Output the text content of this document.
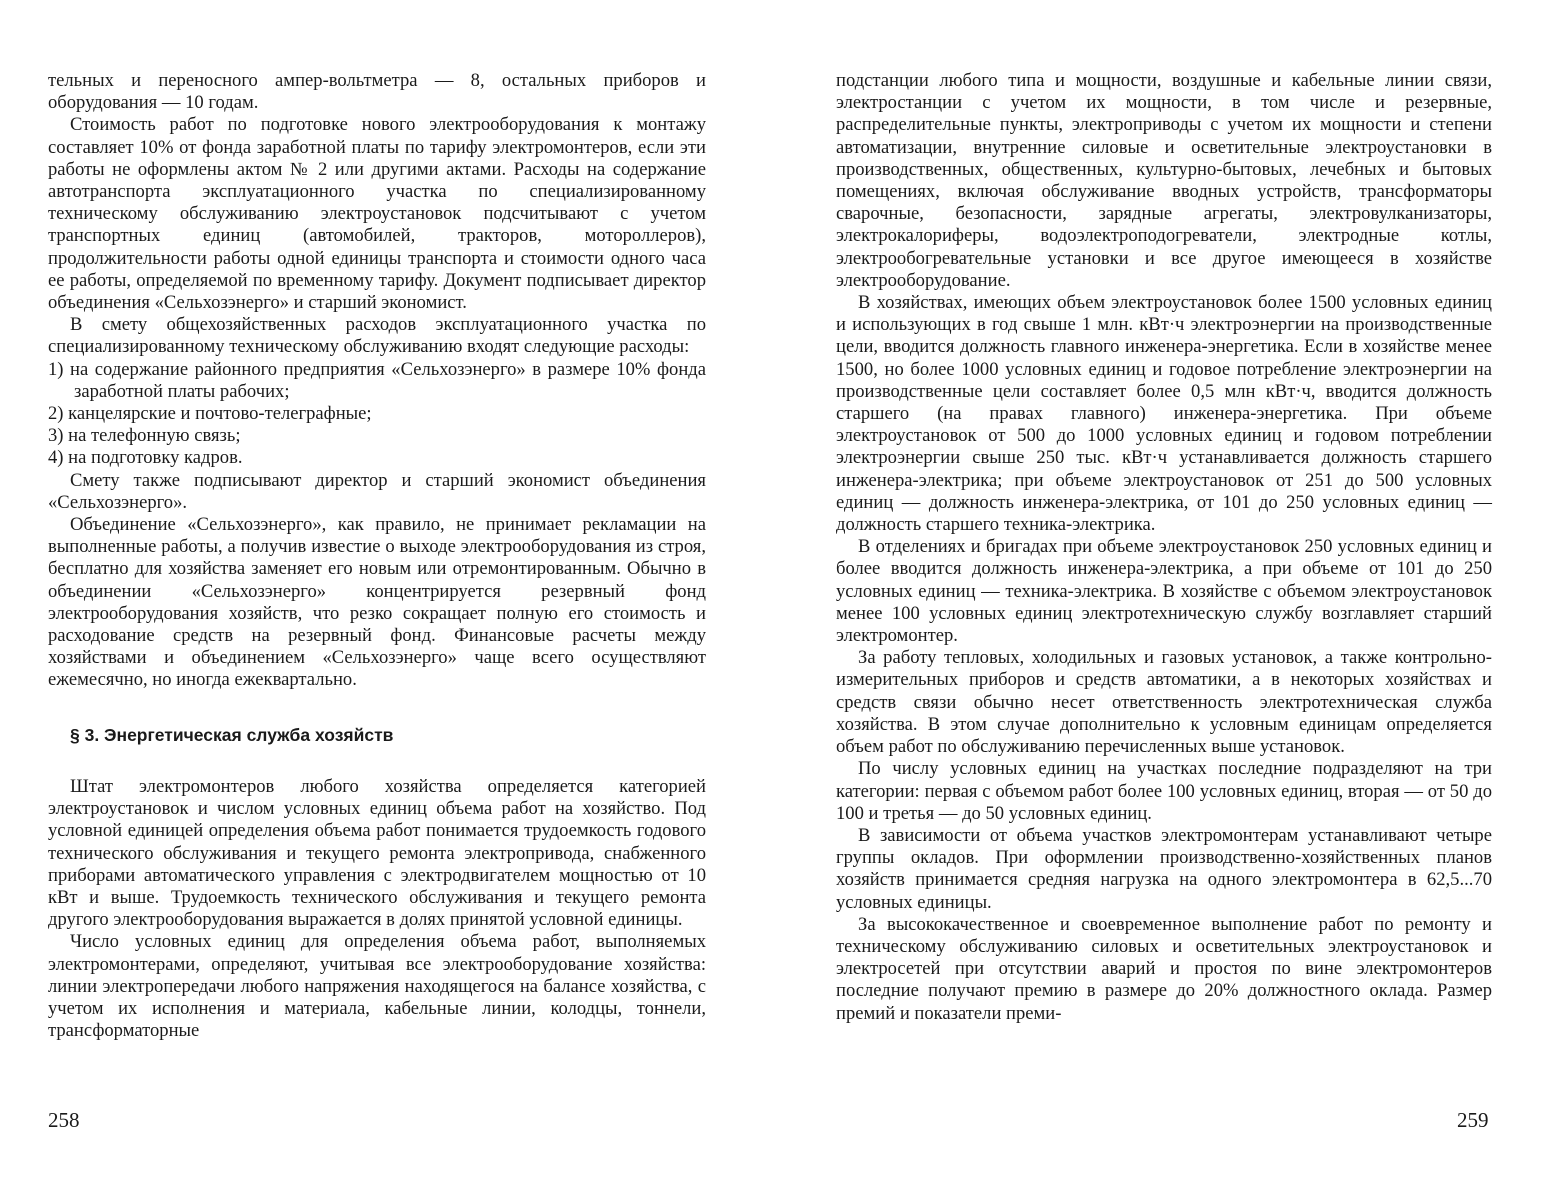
тельных и переносного ампер-вольтметра — 8, остальных приборов и оборудования — 10 годам.

Стоимость работ по подготовке нового электрооборудования к монтажу составляет 10% от фонда заработной платы по тарифу электромонтеров, если эти работы не оформлены актом № 2 или другими актами. Расходы на содержание автотранспорта эксплуатационного участка по специализированному техническому обслуживанию электроустановок подсчитывают с учетом транспортных единиц (автомобилей, тракторов, мотороллеров), продолжительности работы одной единицы транспорта и стоимости одного часа ее работы, определяемой по временному тарифу. Документ подписывает директор объединения «Сельхозэнерго» и старший экономист.

В смету общехозяйственных расходов эксплуатационного участка по специализированному техническому обслуживанию входят следующие расходы:

1) на содержание районного предприятия «Сельхозэнерго» в размере 10% фонда заработной платы рабочих;
2) канцелярские и почтово-телеграфные;
3) на телефонную связь;
4) на подготовку кадров.

Смету также подписывают директор и старший экономист объединения «Сельхозэнерго».

Объединение «Сельхозэнерго», как правило, не принимает рекламации на выполненные работы, а получив известие о выходе электрооборудования из строя, бесплатно для хозяйства заменяет его новым или отремонтированным. Обычно в объединении «Сельхозэнерго» концентрируется резервный фонд электрооборудования хозяйств, что резко сокращает полную его стоимость и расходование средств на резервный фонд. Финансовые расчеты между хозяйствами и объединением «Сельхозэнерго» чаще всего осуществляют ежемесячно, но иногда ежеквартально.

§ 3. Энергетическая служба хозяйств

Штат электромонтеров любого хозяйства определяется категорией электроустановок и числом условных единиц объема работ на хозяйство. Под условной единицей определения объема работ понимается трудоемкость годового технического обслуживания и текущего ремонта электропривода, снабженного приборами автоматического управления с электродвигателем мощностью от 10 кВт и выше. Трудоемкость технического обслуживания и текущего ремонта другого электрооборудования выражается в долях принятой условной единицы.

Число условных единиц для определения объема работ, выполняемых электромонтерами, определяют, учитывая все электрооборудование хозяйства: линии электропередачи любого напряжения находящегося на балансе хозяйства, с учетом их исполнения и материала, кабельные линии, колодцы, тоннели, трансформаторные

258

подстанции любого типа и мощности, воздушные и кабельные линии связи, электростанции с учетом их мощности, в том числе и резервные, распределительные пункты, электроприводы с учетом их мощности и степени автоматизации, внутренние силовые и осветительные электроустановки в производственных, общественных, культурно-бытовых, лечебных и бытовых помещениях, включая обслуживание вводных устройств, трансформаторы сварочные, безопасности, зарядные агрегаты, электровулканизаторы, электрокалориферы, водоэлектроподогреватели, электродные котлы, электрообогревательные установки и все другое имеющееся в хозяйстве электрооборудование.

В хозяйствах, имеющих объем электроустановок более 1500 условных единиц и использующих в год свыше 1 млн. кВт·ч электроэнергии на производственные цели, вводится должность главного инженера-энергетика. Если в хозяйстве менее 1500, но более 1000 условных единиц и годовое потребление электроэнергии на производственные цели составляет более 0,5 млн кВт·ч, вводится должность старшего (на правах главного) инженера-энергетика. При объеме электроустановок от 500 до 1000 условных единиц и годовом потреблении электроэнергии свыше 250 тыс. кВт·ч устанавливается должность старшего инженера-электрика; при объеме электроустановок от 251 до 500 условных единиц — должность инженера-электрика, от 101 до 250 условных единиц — должность старшего техника-электрика.

В отделениях и бригадах при объеме электроустановок 250 условных единиц и более вводится должность инженера-электрика, а при объеме от 101 до 250 условных единиц — техника-электрика. В хозяйстве с объемом электроустановок менее 100 условных единиц электротехническую службу возглавляет старший электромонтер.

За работу тепловых, холодильных и газовых установок, а также контрольно-измерительных приборов и средств автоматики, а в некоторых хозяйствах и средств связи обычно несет ответственность электротехническая служба хозяйства. В этом случае дополнительно к условным единицам определяется объем работ по обслуживанию перечисленных выше установок.

По числу условных единиц на участках последние подразделяют на три категории: первая с объемом работ более 100 условных единиц, вторая — от 50 до 100 и третья — до 50 условных единиц.

В зависимости от объема участков электромонтерам устанавливают четыре группы окладов. При оформлении производственно-хозяйственных планов хозяйств принимается средняя нагрузка на одного электромонтера в 62,5...70 условных единицы.

За высококачественное и своевременное выполнение работ по ремонту и техническому обслуживанию силовых и осветительных электроустановок и электросетей при отсутствии аварий и простоя по вине электромонтеров последние получают премию в размере до 20% должностного оклада. Размер премий и показатели преми-

259
